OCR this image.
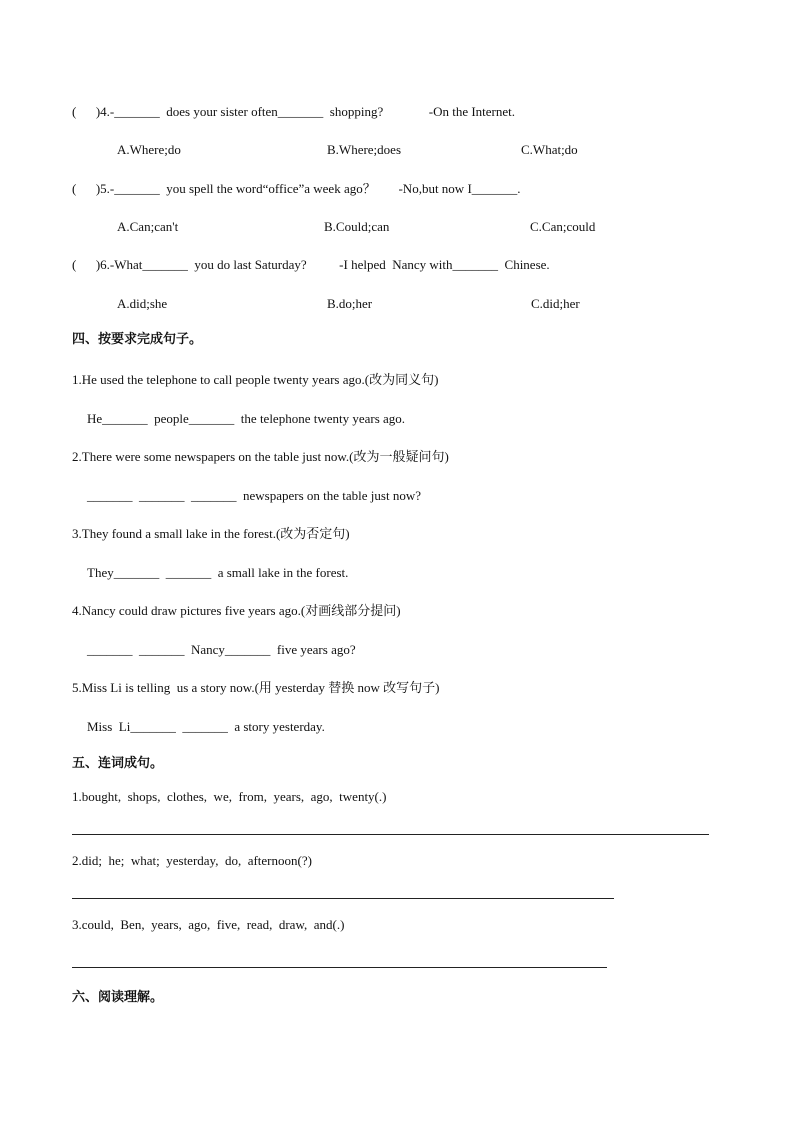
(      )4.-_______  does your sister often_______  shopping?              -On the Internet.
A.Where;do	B.Where;does	C.What;do
(      )5.-_______  you spell the word“office”a week ago？       -No,but now I_______.
A.Can;can't	B.Could;can	C.Can;could
(      )6.-What_______  you do last Saturday?          -I helped  Nancy with_______  Chinese.
A.did;she	B.do;her	C.did;her
四、按要求完成句子。
1.He used the telephone to call people twenty years ago.(改为同义句)
He_______  people_______  the telephone twenty years ago.
2.There were some newspapers on the table just now.(改为一般疑问句)
_______  _______  _______  newspapers on the table just now?
3.They found a small lake in the forest.(改为否定句)
They_______  _______  a small lake in the forest.
4.Nancy could draw pictures five years ago.(对画线部分提问)
_______  _______  Nancy_______  five years ago?
5.Miss Li is telling  us a story now.(用 yesterday 替换 now 改写句子)
Miss  Li_______  _______  a story yesterday.
五、连词成句。
1.bought,  shops,  clothes,  we,  from,  years,  ago,  twenty(.)
2.did;  he;  what;  yesterday,  do,  afternoon(?)
3.could,  Ben,  years,  ago,  five,  read,  draw,  and(.)
六、阅读理解。
